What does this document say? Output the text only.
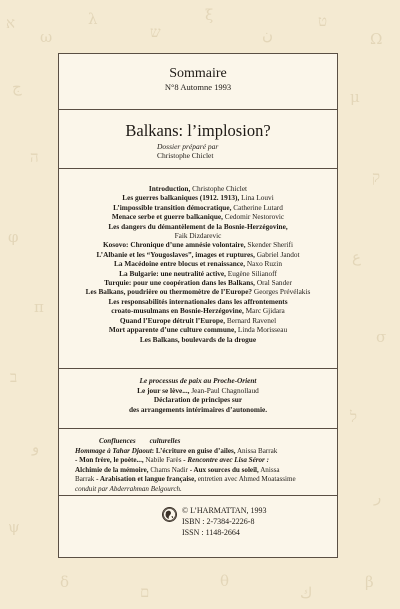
א
ω
λ
ש
ξ
ن
ט
Ω
ج
ה
φ
π
ב
و
ψ
μ
ק
ع
σ
ל
ر
δ
ם
θ
ك
β
Sommaire
N°8 Automne 1993
Balkans: l’implosion?
Dossier préparé par
Christophe Chiclet
Introduction, Christophe Chiclet
Les guerres balkaniques (1912. 1913), Lina Louvi
L’impossible transition démocratique, Catherine Lutard
Menace serbe et guerre balkanique, Cedomir Nestorovic
Les dangers du démantèlement de la Bosnie-Herzégovine,
Faik Dizdarevic
Kosovo: Chronique d’une amnésie volontaire, Skender Sherifi
L’Albanie et les “Yougoslaves”, images et ruptures, Gabriel Jandot
La Macédoine entre blocus et renaissance, Naxo Ruzin
La Bulgarie: une neutralité active, Eugène Silianoff
Turquie: pour une coopération dans les Balkans, Oral Sander
Les Balkans, poudrière ou thermomètre de l’Europe? Georges Prévélakis
Les responsabilités internationales dans les affrontements
croato-musulmans en Bosnie-Herzégovine, Marc Gjidara
Quand l’Europe détruit l’Europe, Bernard Ravenel
Mort apparente d’une culture commune, Linda Morisseau
Les Balkans, boulevards de la drogue
Le processus de paix au Proche-Orient
Le jour se lève..., Jean-Paul Chagnollaud
Déclaration de principes sur
des arrangements intérimaires d’autonomie.
Confluences culturelles
Hommage à Tahar Djaout: L’écriture en guise d’ailes, Anissa Barrak
- Mon frère, le poète..., Nabile Farès - Rencontre avec Lisa Séror :
Alchimie de la mémoire, Chams Nadir - Aux sources du soleil, Anissa
Barrak - Arabisation et langue française, entretien avec Ahmed Moatassime
conduit par Abderrahman Belgourch.
© L’HARMATTAN, 1993
ISBN : 2-7384-2226-8
ISSN : 1148-2664
